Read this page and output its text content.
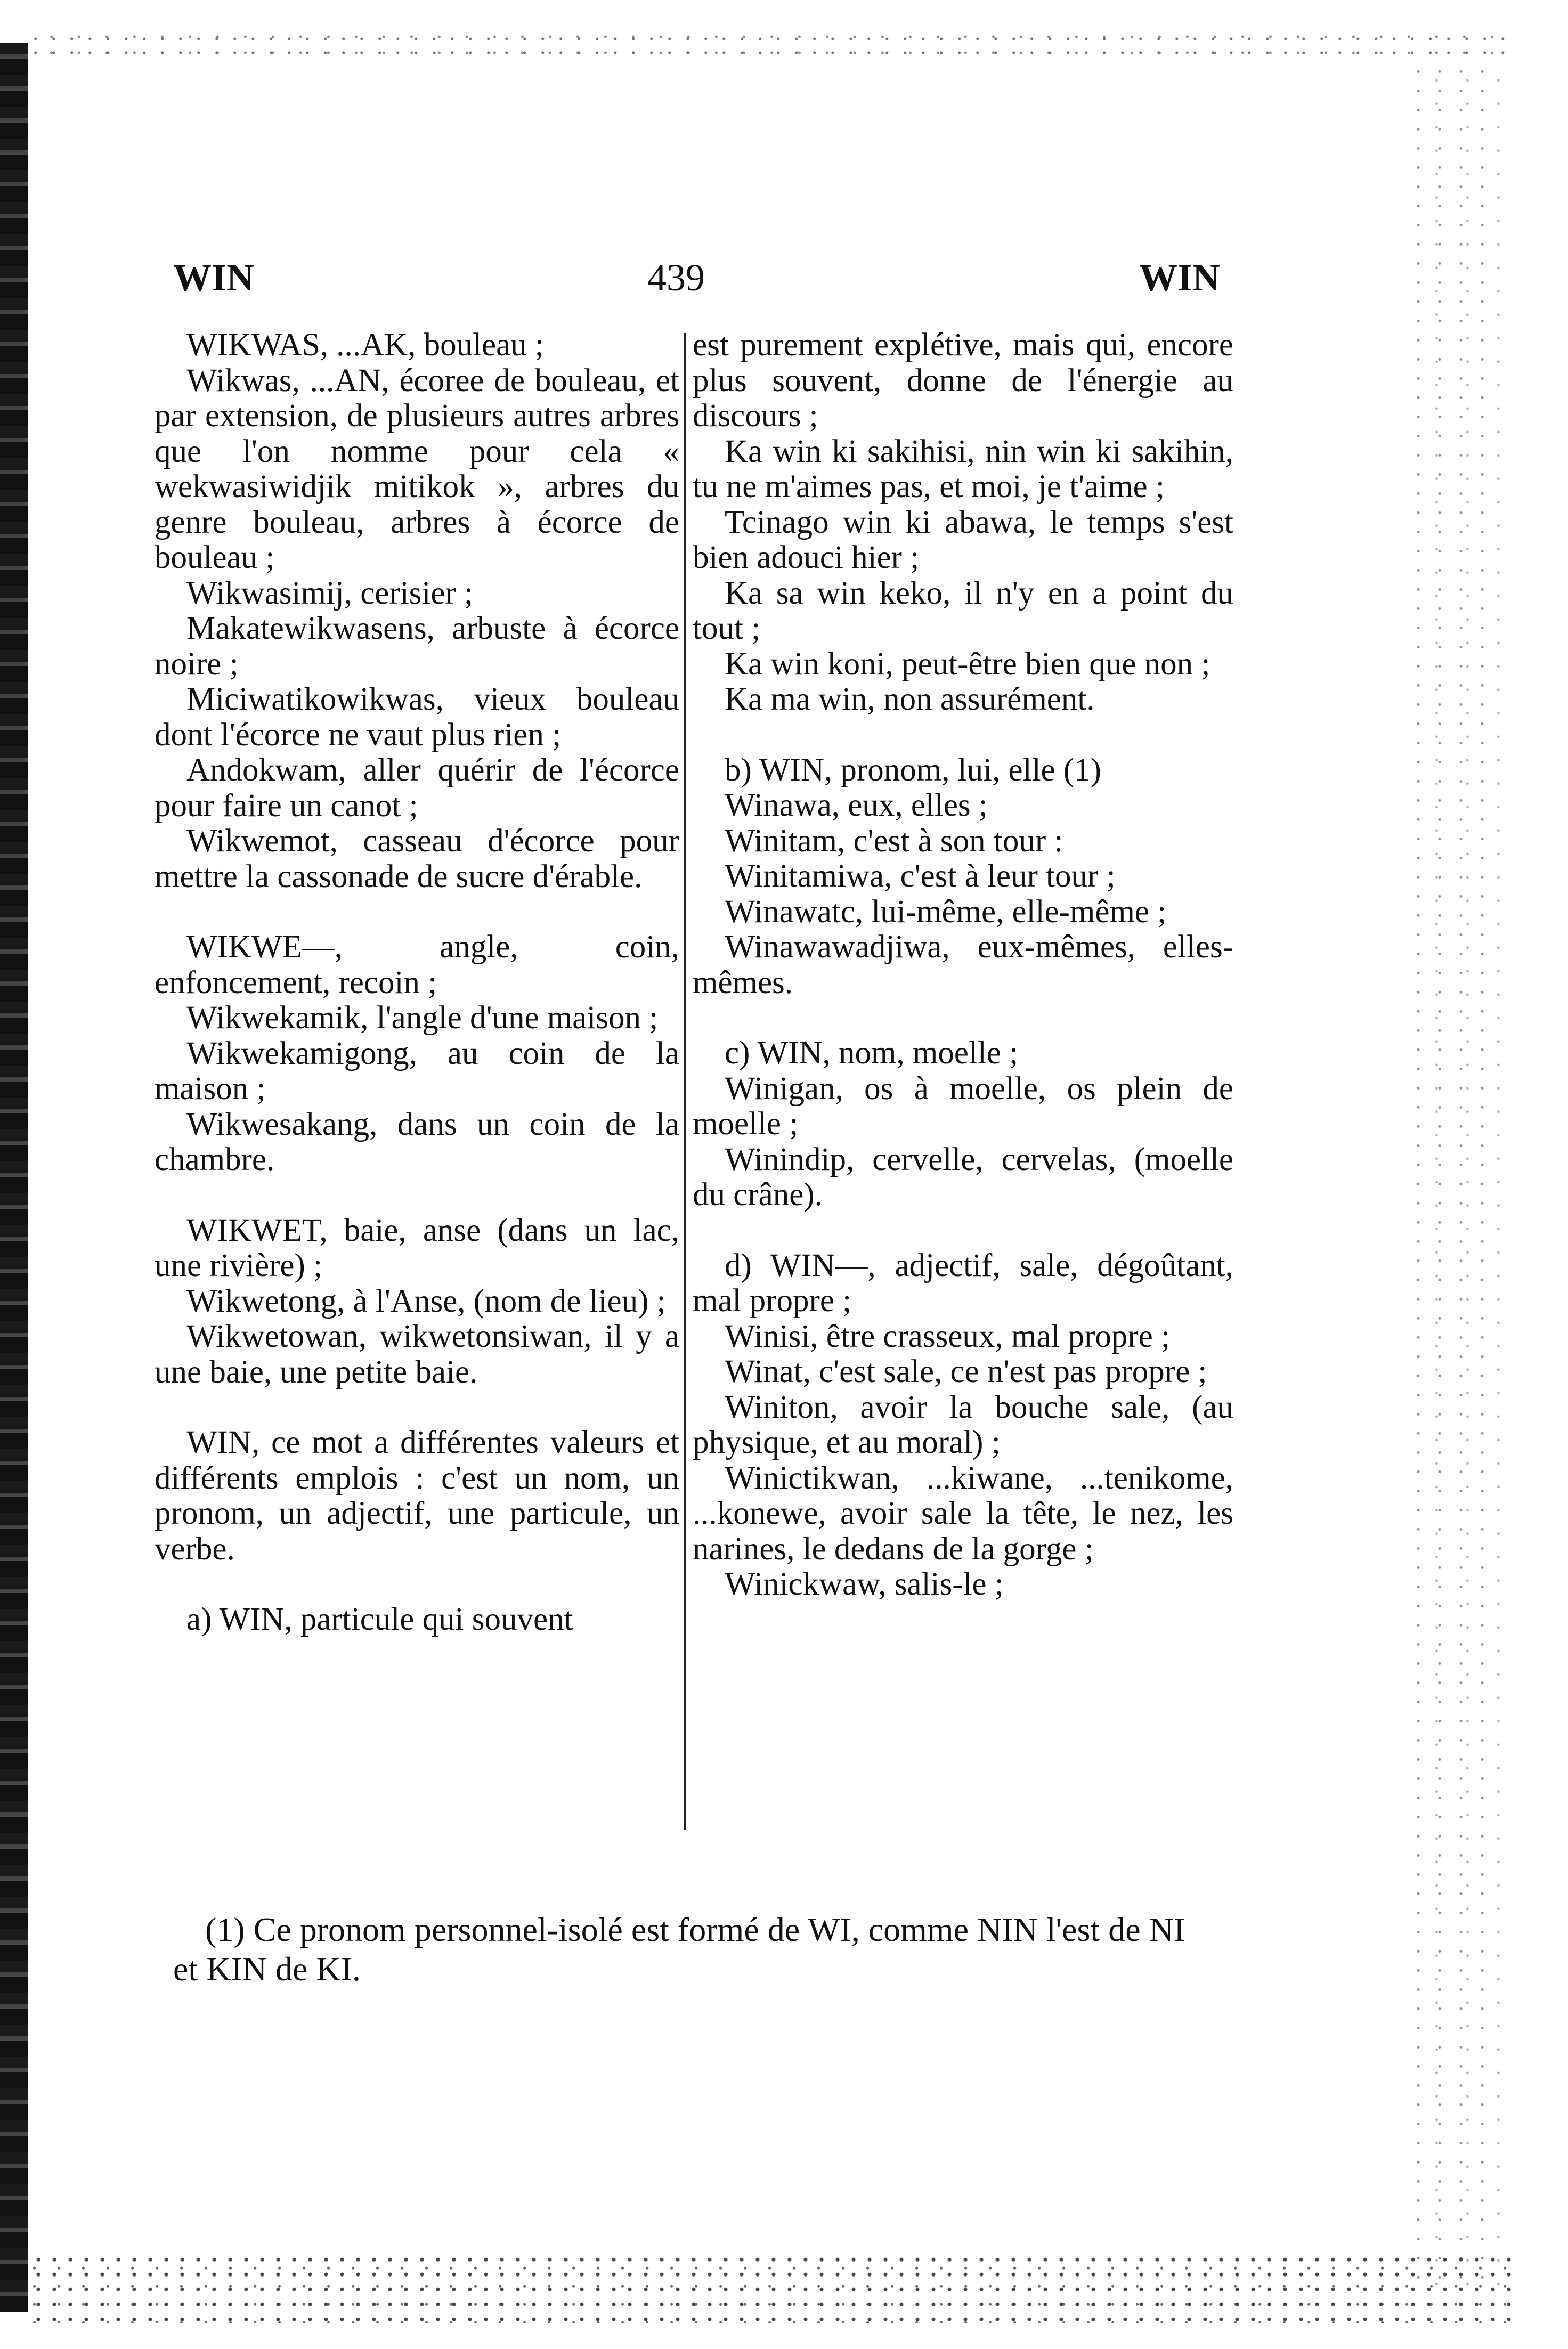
WIN	439	WIN

WIKWAS, ...AK, bouleau ;

Wikwas, ...AN, écoree de bouleau, et par extension, de plusieurs autres arbres que l'on nomme pour cela « wekwasiwidjik mitikok », arbres du genre bouleau, arbres à écorce de bouleau ;

Wikwasimij, cerisier ;

Makatewikwasens, arbuste à écorce noire ;

Miciwatikowikwas, vieux bouleau dont l'écorce ne vaut plus rien ;

Andokwam, aller quérir de l'écorce pour faire un canot ;

Wikwemot, casseau d'écorce pour mettre la cassonade de sucre d'érable.

WIKWE—, angle, coin, enfoncement, recoin ;

Wikwekamik, l'angle d'une maison ;

Wikwekamigong, au coin de la maison ;

Wikwesakang, dans un coin de la chambre.

WIKWET, baie, anse (dans un lac, une rivière) ;

Wikwetong, à l'Anse, (nom de lieu) ;

Wikwetowan, wikwetonsiwan, il y a une baie, une petite baie.

WIN, ce mot a différentes valeurs et différents emplois : c'est un nom, un pronom, un adjectif, une particule, un verbe.

a) WIN, particule qui souvent

est purement explétive, mais qui, encore plus souvent, donne de l'énergie au discours ;

Ka win ki sakihisi, nin win ki sakihin, tu ne m'aimes pas, et moi, je t'aime ;

Tcinago win ki abawa, le temps s'est bien adouci hier ;

Ka sa win keko, il n'y en a point du tout ;

Ka win koni, peut-être bien que non ;

Ka ma win, non assurément.

b) WIN, pronom, lui, elle (1)

Winawa, eux, elles ;

Winitam, c'est à son tour :

Winitamiwa, c'est à leur tour ;

Winawatc, lui-même, elle-même ;

Winawawadjiwa, eux-mêmes, elles-mêmes.

c) WIN, nom, moelle ;

Winigan, os à moelle, os plein de moelle ;

Winindip, cervelle, cervelas, (moelle du crâne).

d) WIN—, adjectif, sale, dégoûtant, mal propre ;

Winisi, être crasseux, mal propre ;

Winat, c'est sale, ce n'est pas propre ;

Winiton, avoir la bouche sale, (au physique, et au moral) ;

Winictikwan, ...kiwane, ...tenikome, ...konewe, avoir sale la tête, le nez, les narines, le dedans de la gorge ;

Winickwaw, salis-le ;

(1) Ce pronom personnel-isolé est formé de WI, comme NIN l'est de NI et KIN de KI.
